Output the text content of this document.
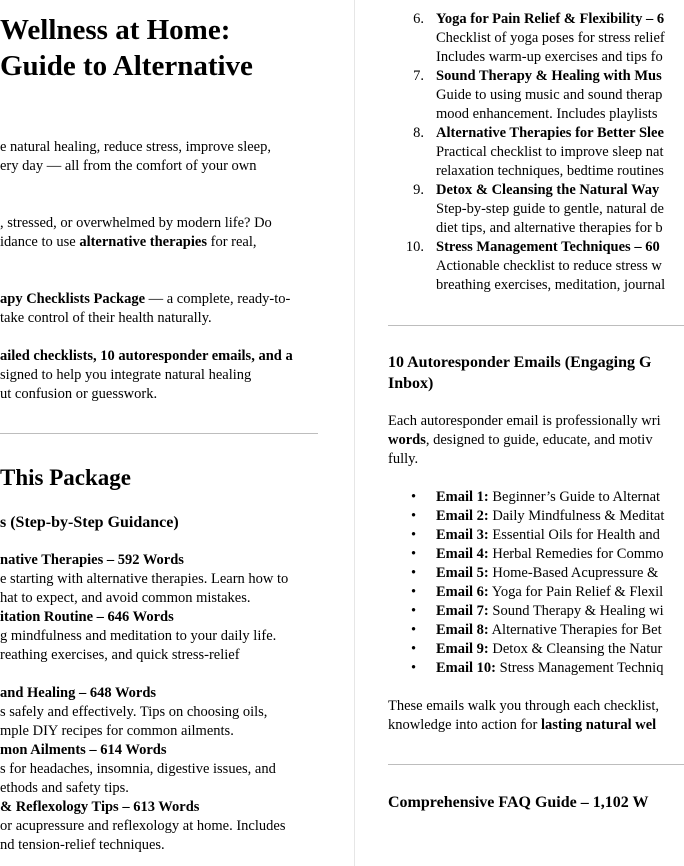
Wellness at Home:
Guide to Alternative
e natural healing, reduce stress, improve sleep,
ery day — all from the comfort of your own
, stressed, or overwhelmed by modern life? Do
idance to use alternative therapies for real,
apy Checklists Package — a complete, ready-to-
take control of their health naturally.
ailed checklists, 10 autoresponder emails, and a
signed to help you integrate natural healing
ut confusion or guesswork.
This Package
s (Step-by-Step Guidance)
native Therapies – 592 Words
e starting with alternative therapies. Learn how to
hat to expect, and avoid common mistakes.
itation Routine – 646 Words
g mindfulness and meditation to your daily life.
reathing exercises, and quick stress-relief
and Healing – 648 Words
s safely and effectively. Tips on choosing oils,
mple DIY recipes for common ailments.
mon Ailments – 614 Words
s for headaches, insomnia, digestive issues, and
ethods and safety tips.
& Reflexology Tips – 613 Words
or acupressure and reflexology at home. Includes
nd tension-relief techniques.
6. Yoga for Pain Relief & Flexibility – 6
Checklist of yoga poses for stress relief
Includes warm-up exercises and tips fo
7. Sound Therapy & Healing with Mus
Guide to using music and sound therap
mood enhancement. Includes playlists
8. Alternative Therapies for Better Slee
Practical checklist to improve sleep nat
relaxation techniques, bedtime routines
9. Detox & Cleansing the Natural Way
Step-by-step guide to gentle, natural de
diet tips, and alternative therapies for b
10. Stress Management Techniques – 60
Actionable checklist to reduce stress w
breathing exercises, meditation, journal
10 Autoresponder Emails (Engaging G
Inbox)
Each autoresponder email is professionally wri
words, designed to guide, educate, and motiv
fully.
• Email 1: Beginner’s Guide to Alternat
• Email 2: Daily Mindfulness & Meditat
• Email 3: Essential Oils for Health and
• Email 4: Herbal Remedies for Commo
• Email 5: Home-Based Acupressure &
• Email 6: Yoga for Pain Relief & Flexil
• Email 7: Sound Therapy & Healing wi
• Email 8: Alternative Therapies for Bet
• Email 9: Detox & Cleansing the Natur
• Email 10: Stress Management Techniq
These emails walk you through each checklist,
knowledge into action for lasting natural wel
Comprehensive FAQ Guide – 1,102 W
